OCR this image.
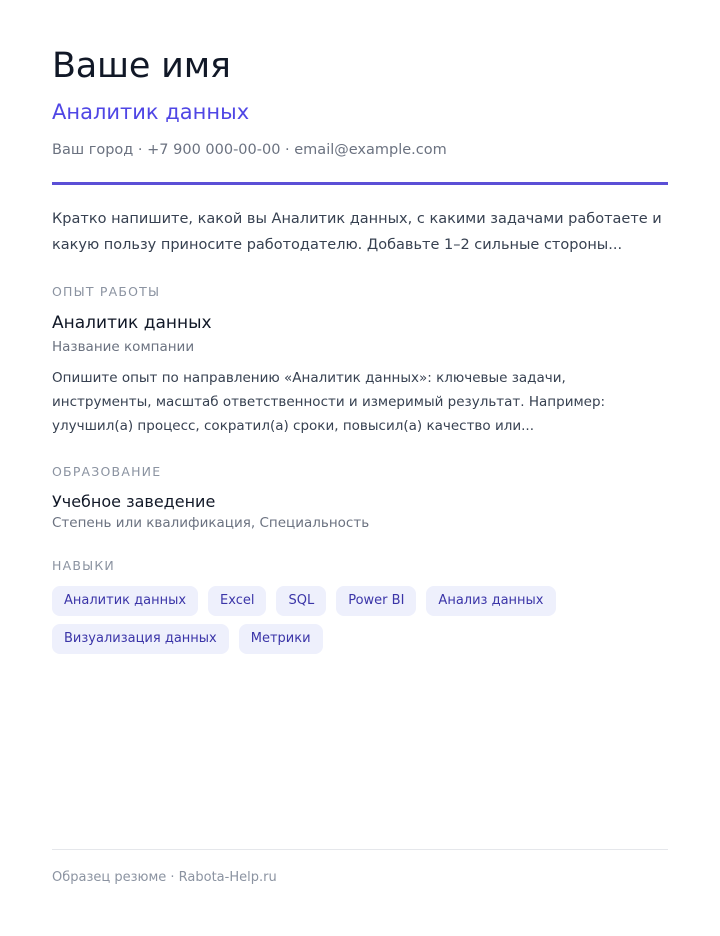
Ваше имя
Аналитик данных
Ваш город · +7 900 000-00-00 · email@example.com
Кратко напишите, какой вы Аналитик данных, с какими задачами работаете и какую пользу приносите работодателю. Добавьте 1–2 сильные стороны...
ОПЫТ РАБОТЫ
Аналитик данных
Название компании
Опишите опыт по направлению «Аналитик данных»: ключевые задачи, инструменты, масштаб ответственности и измеримый результат. Например: улучшил(а) процесс, сократил(а) сроки, повысил(а) качество или...
ОБРАЗОВАНИЕ
Учебное заведение
Степень или квалификация, Специальность
НАВЫКИ
Аналитик данных	Excel	SQL	Power BI	Анализ данных
Визуализация данных	Метрики
Образец резюме · Rabota-Help.ru
